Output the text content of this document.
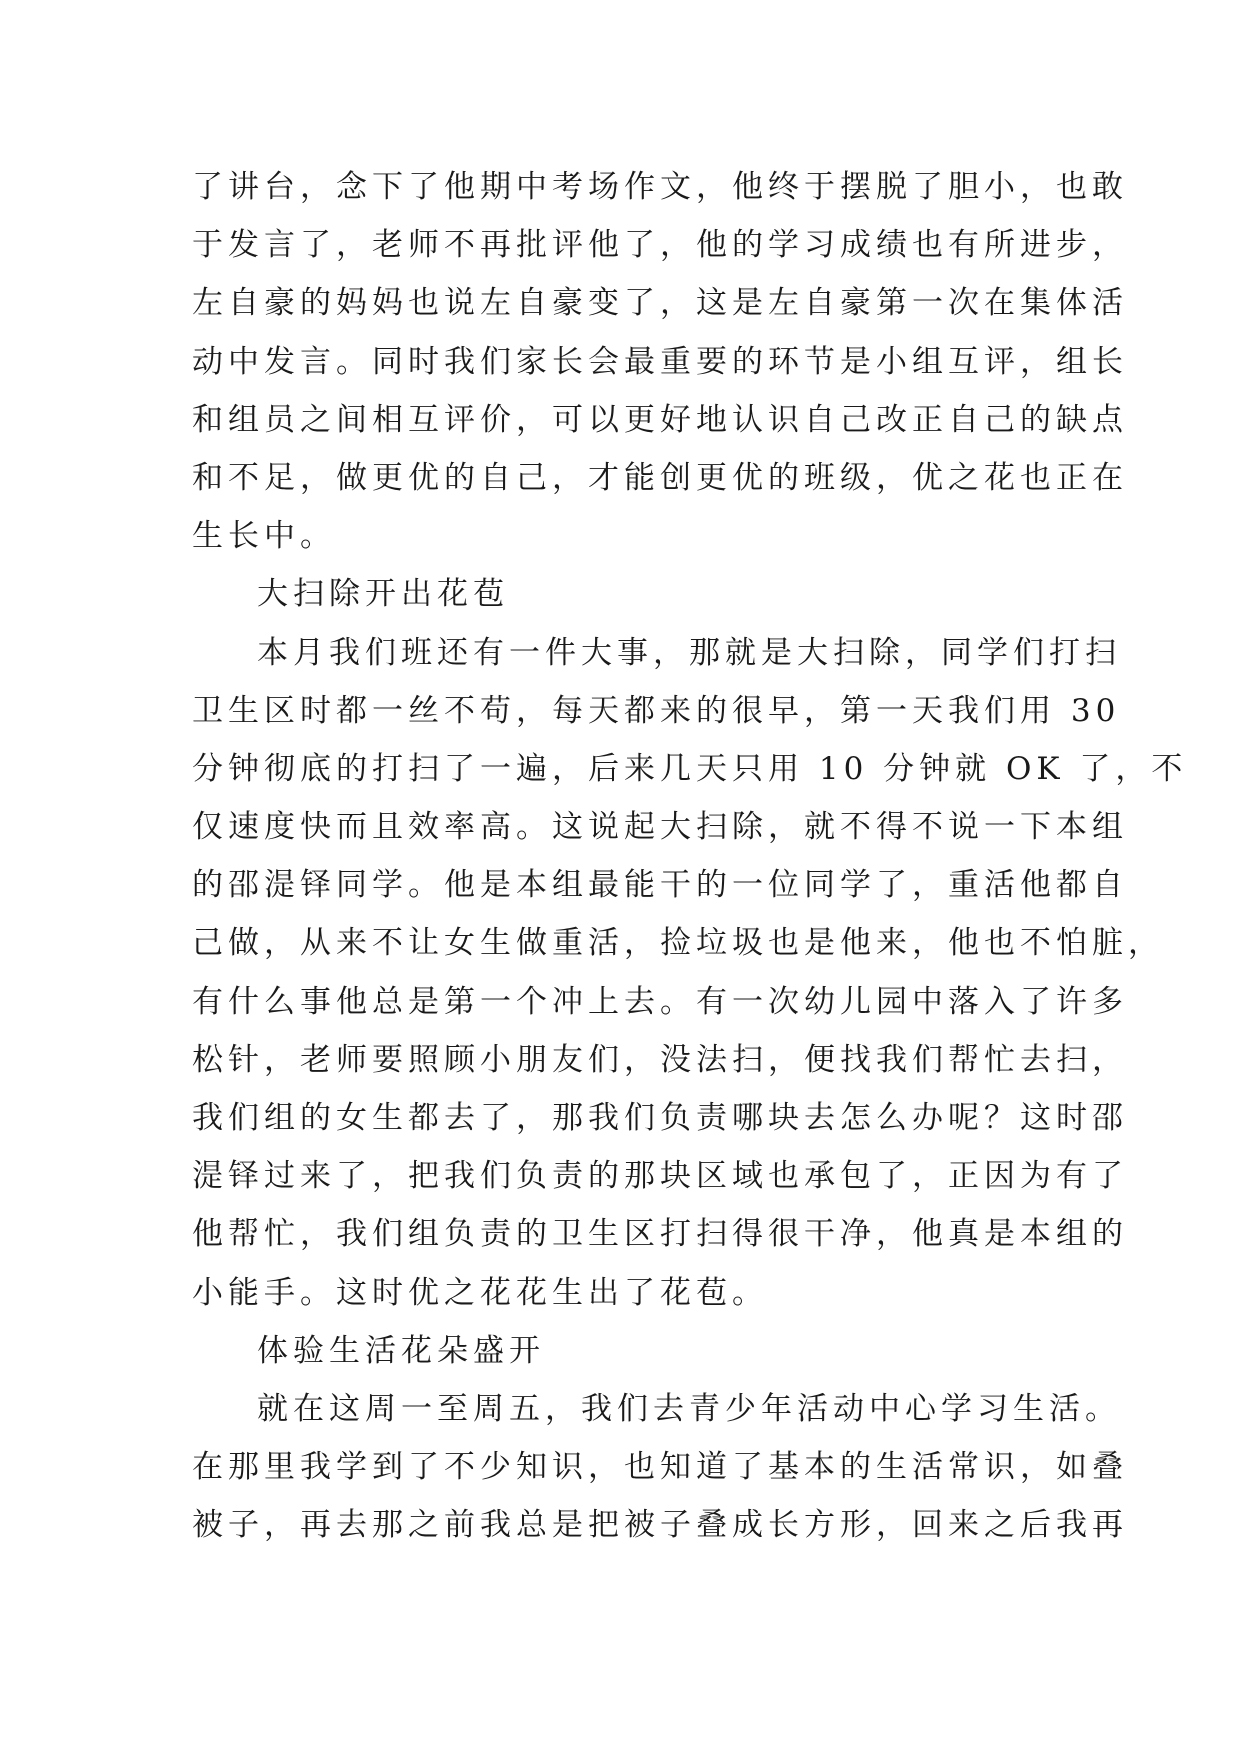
了讲台，念下了他期中考场作文，他终于摆脱了胆小，也敢
于发言了，老师不再批评他了，他的学习成绩也有所进步，
左自豪的妈妈也说左自豪变了，这是左自豪第一次在集体活
动中发言。同时我们家长会最重要的环节是小组互评，组长
和组员之间相互评价，可以更好地认识自己改正自己的缺点
和不足，做更优的自己，才能创更优的班级，优之花也正在
生长中。
大扫除开出花苞
本月我们班还有一件大事，那就是大扫除，同学们打扫
卫生区时都一丝不苟，每天都来的很早，第一天我们用 30
分钟彻底的打扫了一遍，后来几天只用 10 分钟就 OK 了，不
仅速度快而且效率高。这说起大扫除，就不得不说一下本组
的邵湜铎同学。他是本组最能干的一位同学了，重活他都自
己做，从来不让女生做重活，捡垃圾也是他来，他也不怕脏，
有什么事他总是第一个冲上去。有一次幼儿园中落入了许多
松针，老师要照顾小朋友们，没法扫，便找我们帮忙去扫，
我们组的女生都去了，那我们负责哪块去怎么办呢？这时邵
湜铎过来了，把我们负责的那块区域也承包了，正因为有了
他帮忙，我们组负责的卫生区打扫得很干净，他真是本组的
小能手。这时优之花花生出了花苞。
体验生活花朵盛开
就在这周一至周五，我们去青少年活动中心学习生活。
在那里我学到了不少知识，也知道了基本的生活常识，如叠
被子，再去那之前我总是把被子叠成长方形，回来之后我再
